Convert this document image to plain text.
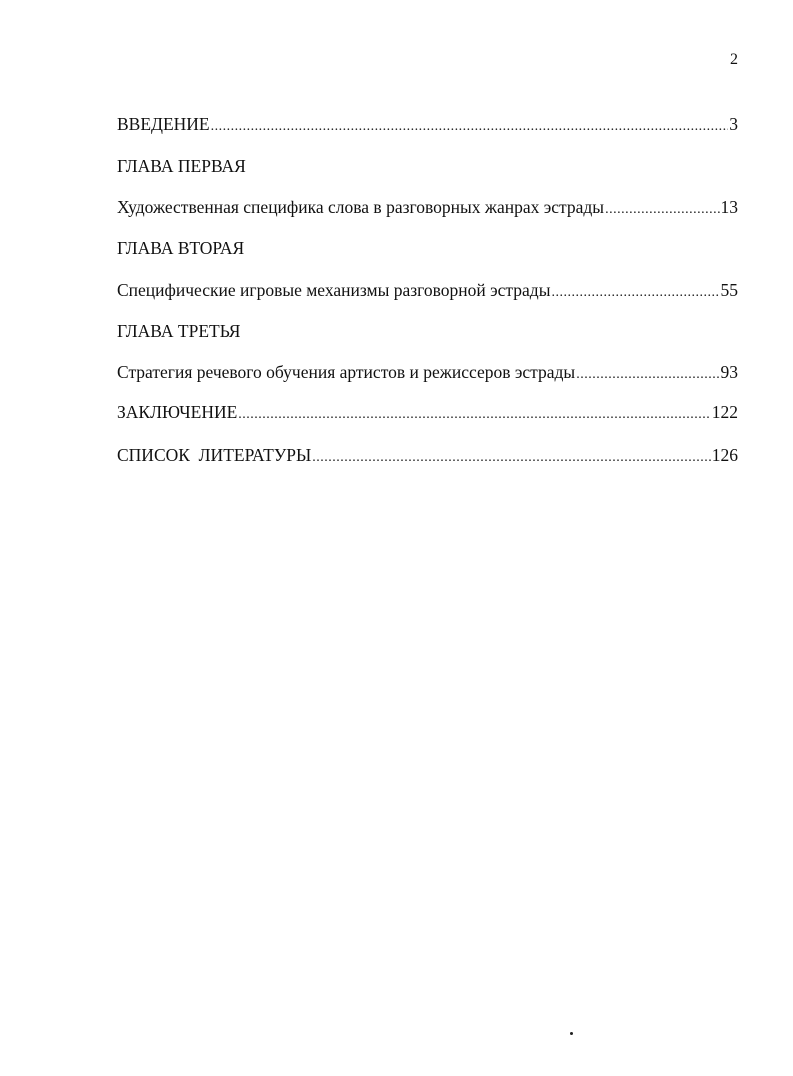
2
ВВЕДЕНИЕ .....	3
ГЛАВА ПЕРВАЯ
Художественная специфика слова в разговорных жанрах эстрады .....	13
ГЛАВА ВТОРАЯ
Специфические игровые механизмы разговорной эстрады .....	55
ГЛАВА ТРЕТЬЯ
Стратегия речевого обучения артистов и режиссеров эстрады .....	93
ЗАКЛЮЧЕНИЕ .....	122
СПИСОК  ЛИТЕРАТУРЫ .....	126
